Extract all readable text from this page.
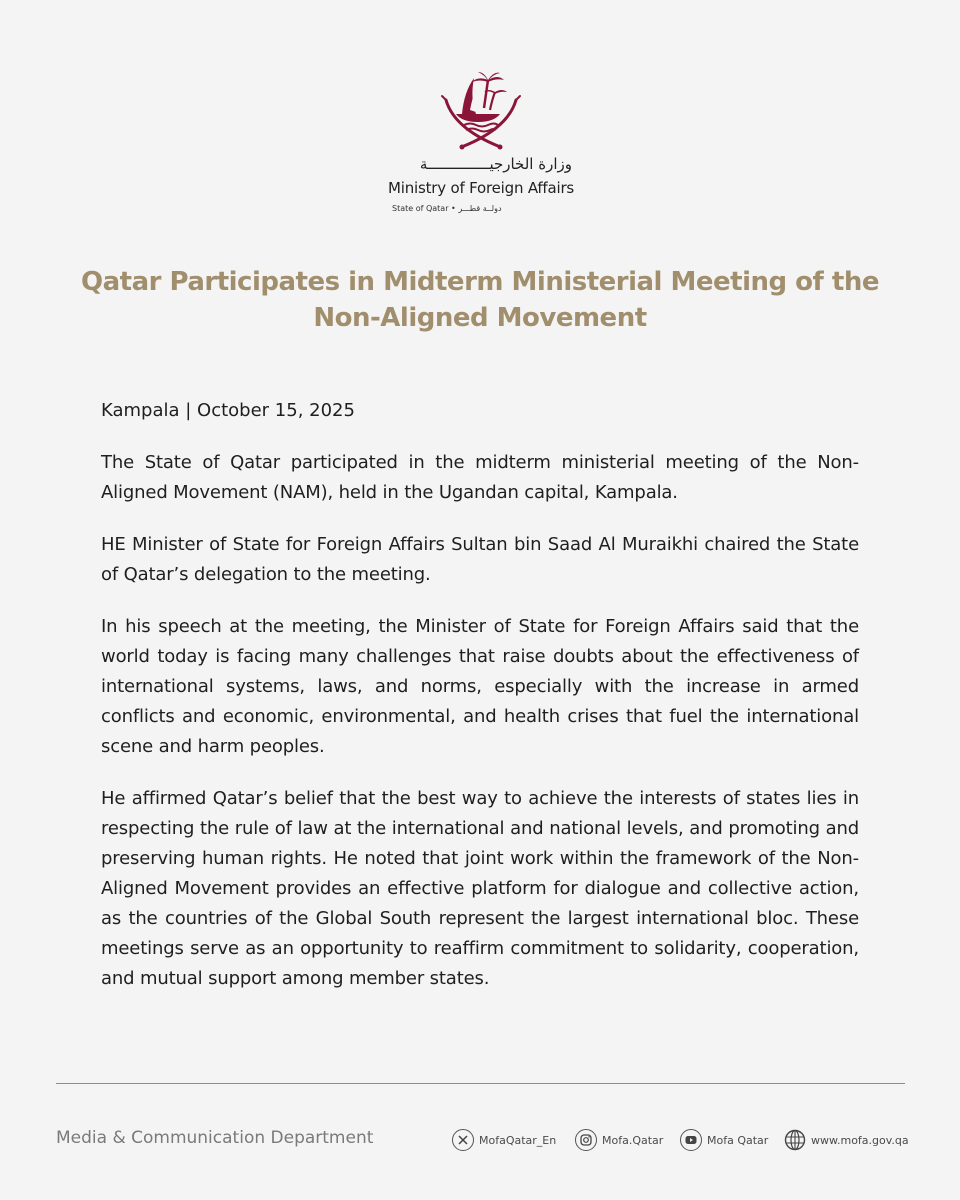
وزارة الخارجيــــــــــــــة
Ministry of Foreign Affairs
State of Qatar • دولــة قطـــر
Qatar Participates in Midterm Ministerial Meeting of the Non-Aligned Movement

Kampala | October 15, 2025

The State of Qatar participated in the midterm ministerial meeting of the Non-Aligned Movement (NAM), held in the Ugandan capital, Kampala.

HE Minister of State for Foreign Affairs Sultan bin Saad Al Muraikhi chaired the State of Qatar’s delegation to the meeting.

In his speech at the meeting, the Minister of State for Foreign Affairs said that the world today is facing many challenges that raise doubts about the effectiveness of international systems, laws, and norms, especially with the increase in armed conflicts and economic, environmental, and health crises that fuel the international scene and harm peoples.

He affirmed Qatar’s belief that the best way to achieve the interests of states lies in respecting the rule of law at the international and national levels, and promoting and preserving human rights. He noted that joint work within the framework of the Non-Aligned Movement provides an effective platform for dialogue and collective action, as the countries of the Global South represent the largest international bloc. These meetings serve as an opportunity to reaffirm commitment to solidarity, cooperation, and mutual support among member states.

Media & Communication Department	MofaQatar_En	Mofa.Qatar	Mofa Qatar	www.mofa.gov.qa
